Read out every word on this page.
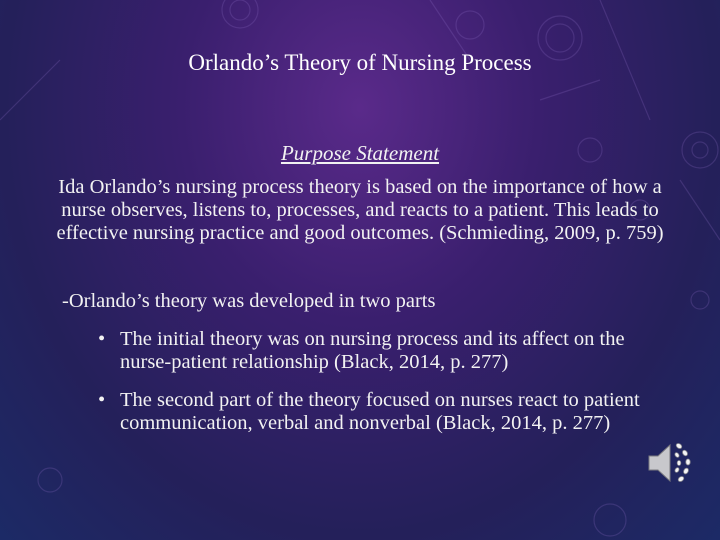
Orlando’s Theory of Nursing Process
Purpose Statement
Ida Orlando’s nursing process theory is based on the importance of how a nurse observes, listens to, processes, and reacts to a patient. This leads to effective nursing practice and good outcomes. (Schmieding, 2009, p. 759)
-Orlando’s theory was developed in two parts
• The initial theory was on nursing process and its affect on the nurse-patient relationship (Black, 2014, p. 277)
• The second part of the theory focused on nurses react to patient communication, verbal and nonverbal (Black, 2014, p. 277)
